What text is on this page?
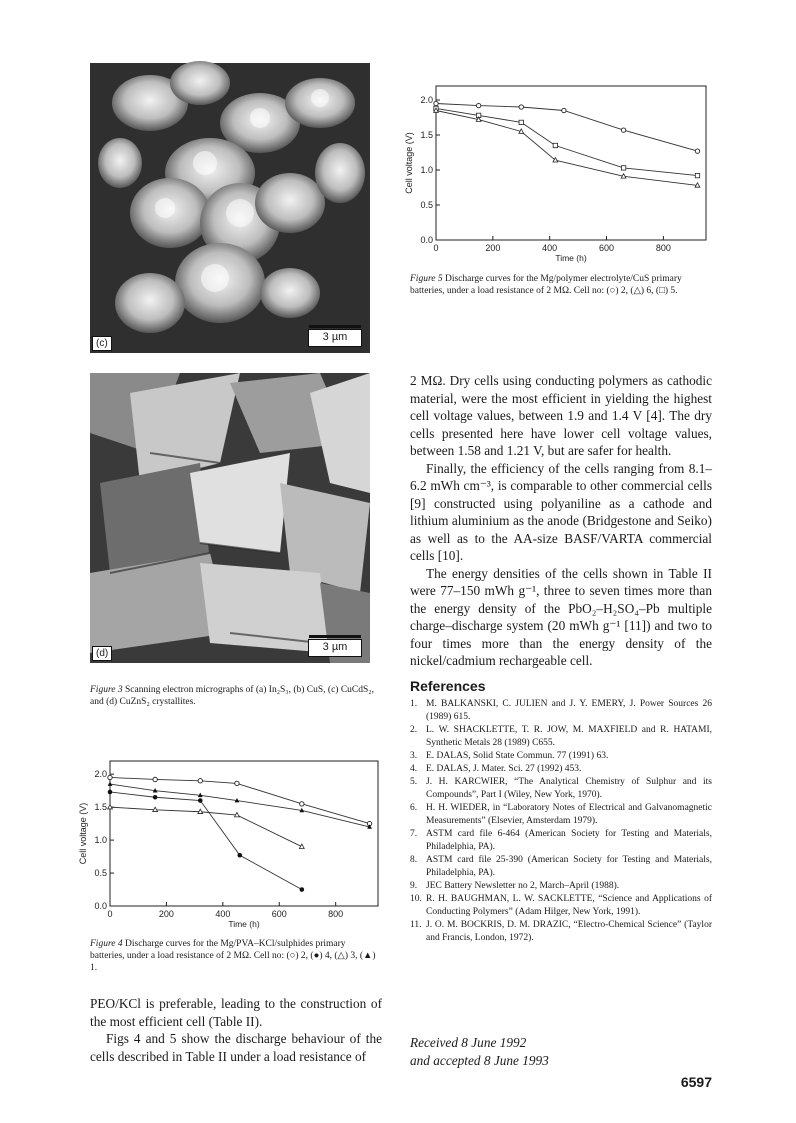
(c)
3 µm
(d)
3 µm
Figure 3 Scanning electron micrographs of (a) In₂S₃, (b) CuS, (c) CuCdS₂, and (d) CuZnS₂ crystallites.
0	200	400	600	800
0.0
0.5
1.0
1.5
2.0
Time (h)
Cell voltage (V)
Figure 4 Discharge curves for the Mg/PVA–KCl/sulphides primary batteries, under a load resistance of 2 MΩ. Cell no: (○) 2, (●) 4, (△) 3, (▲) 1.

PEO/KCl is preferable, leading to the construction of the most efficient cell (Table II).

Figs 4 and 5 show the discharge behaviour of the cells described in Table II under a load resistance of

0	200	400	600	800
0.0
0.5
1.0
1.5
2.0
Time (h)
Cell voltage (V)
Figure 5 Discharge curves for the Mg/polymer electrolyte/CuS primary batteries, under a load resistance of 2 MΩ. Cell no: (○) 2, (△) 6, (□) 5.

2 MΩ. Dry cells using conducting polymers as cathodic material, were the most efficient in yielding the highest cell voltage values, between 1.9 and 1.4 V [4]. The dry cells presented here have lower cell voltage values, between 1.58 and 1.21 V, but are safer for health.

Finally, the efficiency of the cells ranging from 8.1–6.2 mWh cm⁻³, is comparable to other commercial cells [9] constructed using polyaniline as a cathode and lithium aluminium as the anode (Bridgestone and Seiko) as well as to the AA-size BASF/VARTA commercial cells [10].

The energy densities of the cells shown in Table II were 77–150 mWh g⁻¹, three to seven times more than the energy density of the PbO₂–H₂SO₄–Pb multiple charge–discharge system (20 mWh g⁻¹ [11]) and two to four times more than the energy density of the nickel/cadmium rechargeable cell.

References
1. M. BALKANSKI, C. JULIEN and J. Y. EMERY, J. Power Sources 26 (1989) 615.
2. L. W. SHACKLETTE, T. R. JOW, M. MAXFIELD and R. HATAMI, Synthetic Metals 28 (1989) C655.
3. E. DALAS, Solid State Commun. 77 (1991) 63.
4. E. DALAS, J. Mater. Sci. 27 (1992) 453.
5. J. H. KARCWIER, “The Analytical Chemistry of Sulphur and its Compounds”, Part I (Wiley, New York, 1970).
6. H. H. WIEDER, in “Laboratory Notes of Electrical and Galvanomagnetic Measurements” (Elsevier, Amsterdam 1979).
7. ASTM card file 6-464 (American Society for Testing and Materials, Philadelphia, PA).
8. ASTM card file 25-390 (American Society for Testing and Materials, Philadelphia, PA).
9. JEC Battery Newsletter no 2, March–April (1988).
10. R. H. BAUGHMAN, L. W. SACKLETTE, “Science and Applications of Conducting Polymers” (Adam Hilger, New York, 1991).
11. J. O. M. BOCKRIS, D. M. DRAZIC, “Electro-Chemical Science” (Taylor and Francis, London, 1972).
Received 8 June 1992
and accepted 8 June 1993
6597
